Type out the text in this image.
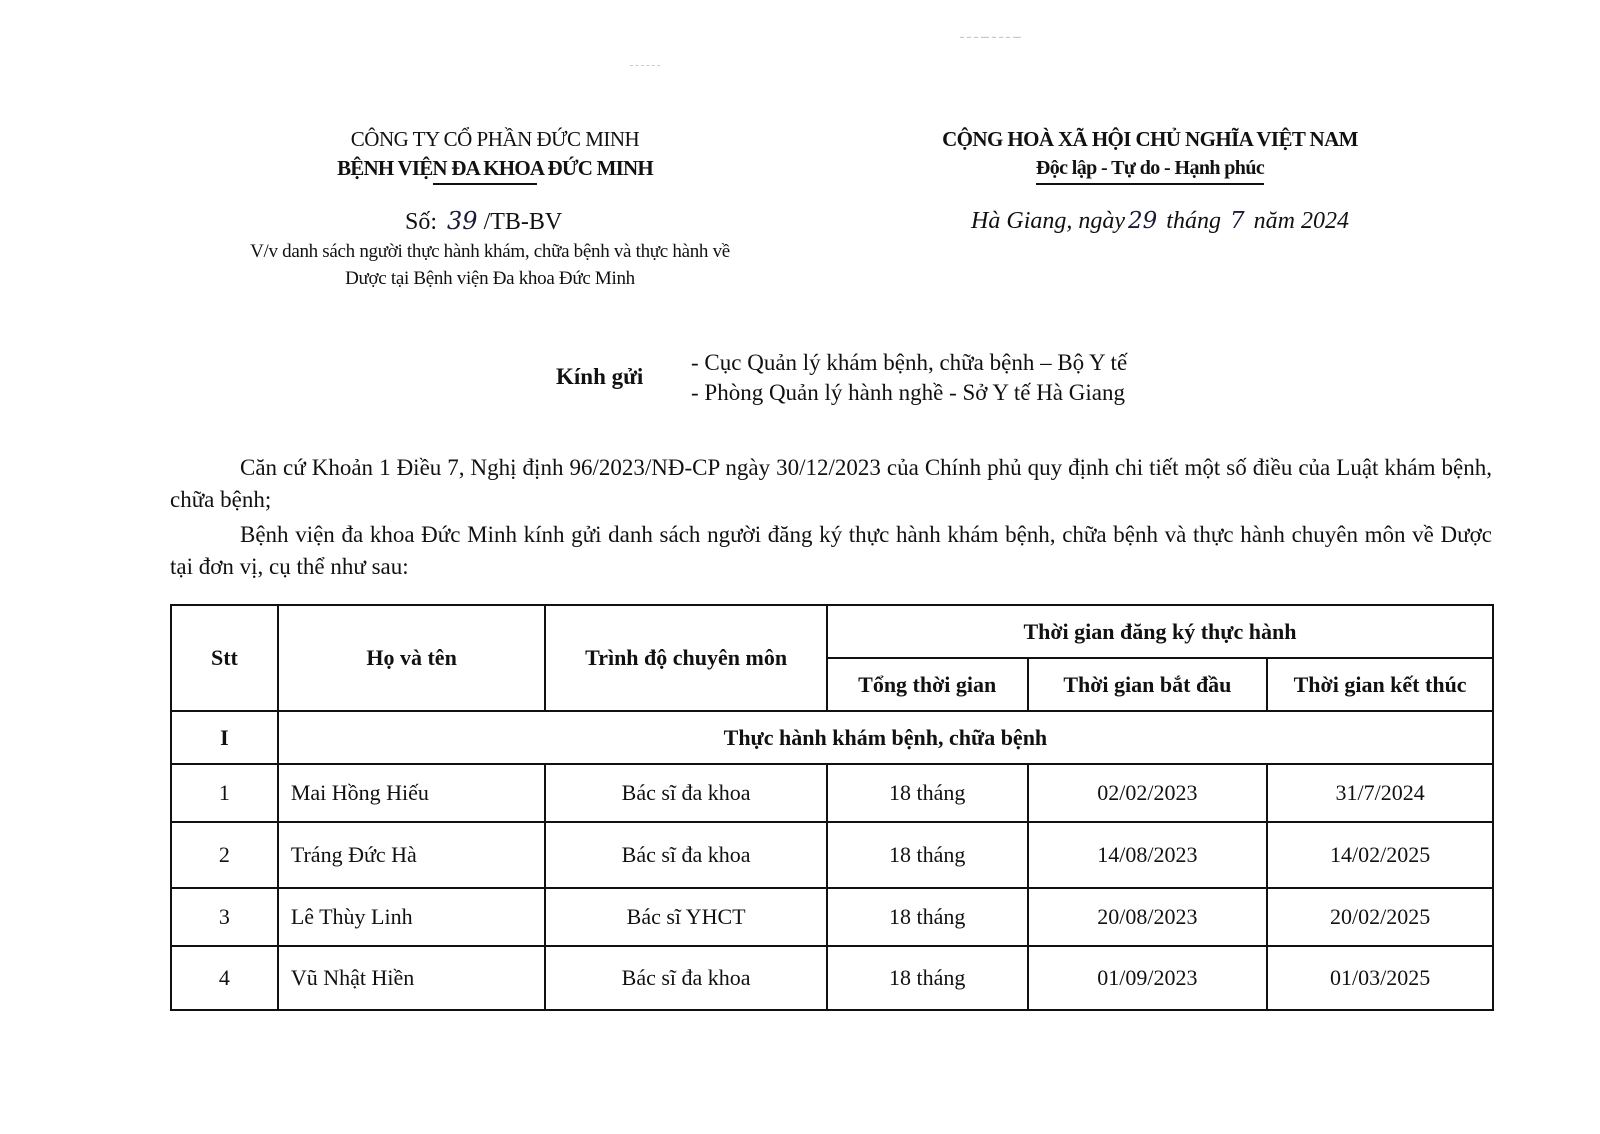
ــ ـ ـ ـ ــ ـ ـ ـ
ـ ـ ـ ـ ـ ـ
CÔNG TY CỔ PHẦN ĐỨC MINH
BỆNH VIỆN ĐA KHOA ĐỨC MINH
CỘNG HOÀ XÃ HỘI CHỦ NGHĨA VIỆT NAM
Độc lập - Tự do - Hạnh phúc
Số: 39 /TB-BV
V/v danh sách người thực hành khám, chữa bệnh và thực hành về
Dược tại Bệnh viện Đa khoa Đức Minh
Hà Giang, ngày 29 tháng 7 năm 2024
Kính gửi
- Cục Quản lý khám bệnh, chữa bệnh – Bộ Y tế
- Phòng Quản lý hành nghề - Sở Y tế Hà Giang

Căn cứ Khoản 1 Điều 7, Nghị định 96/2023/NĐ-CP ngày 30/12/2023 của Chính phủ quy định chi tiết một số điều của Luật khám bệnh, chữa bệnh;

Bệnh viện đa khoa Đức Minh kính gửi danh sách người đăng ký thực hành khám bệnh, chữa bệnh và thực hành chuyên môn về Dược tại đơn vị, cụ thể như sau:

Stt	Họ và tên	Trình độ chuyên môn	Thời gian đăng ký thực hành		
			Tổng thời gian	Thời gian bắt đầu	Thời gian kết thúc
I	Thực hành khám bệnh, chữa bệnh				
1	Mai Hồng Hiếu	Bác sĩ đa khoa	18 tháng	02/02/2023	31/7/2024
2	Tráng Đức Hà	Bác sĩ đa khoa	18 tháng	14/08/2023	14/02/2025
3	Lê Thùy Linh	Bác sĩ YHCT	18 tháng	20/08/2023	20/02/2025
4	Vũ Nhật Hiền	Bác sĩ đa khoa	18 tháng	01/09/2023	01/03/2025
